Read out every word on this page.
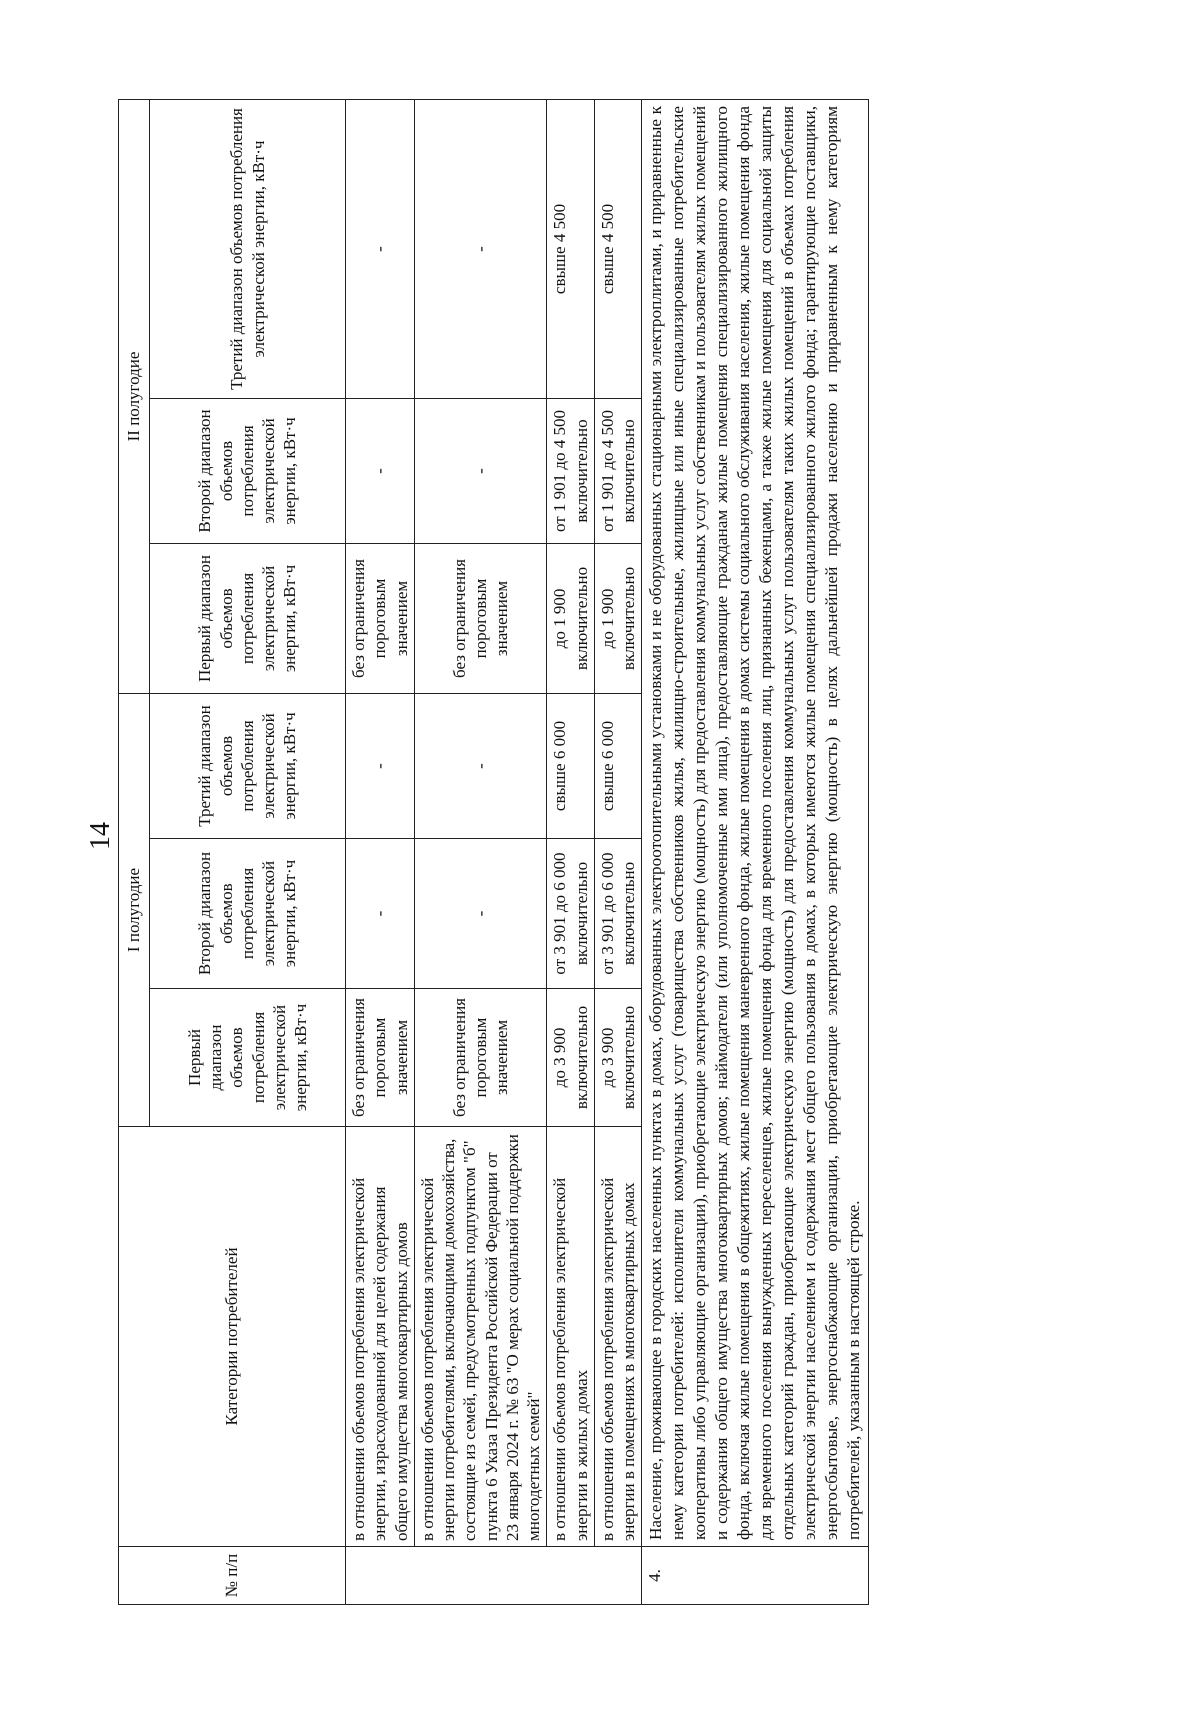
14
№ п/п	Категории потребителей	I полугодие			II полугодие		
		Первый диапазон объемов потребления электрической энергии, кВт·ч	Второй диапазон объемов потребления электрической энергии, кВт·ч	Третий диапазон объемов потребления электрической энергии, кВт·ч	Первый диапазон объемов потребления электрической энергии, кВт·ч	Второй диапазон объемов потребления электрической энергии, кВт·ч	Третий диапазон объемов потребления электрической энергии, кВт·ч
	в отношении объемов потребления электрической энергии, израсходованной для целей содержания общего имущества многоквартирных домов	без ограничения пороговым значением	-	-	без ограничения пороговым значением	-	-
	в отношении объемов потребления электрической энергии потребителями, включающими домохозяйства, состоящие из семей, предусмотренных подпунктом "б" пункта 6 Указа Президента Российской Федерации от 23 января 2024 г. № 63 "О мерах социальной поддержки многодетных семей"	без ограничения пороговым значением	-	-	без ограничения пороговым значением	-	-
	в отношении объемов потребления электрической энергии в жилых домах	до 3 900 включительно	от 3 901 до 6 000 включительно	свыше 6 000	до 1 900 включительно	от 1 901 до 4 500 включительно	свыше 4 500
	в отношении объемов потребления электрической энергии в помещениях в многоквартирных домах	до 3 900 включительно	от 3 901 до 6 000 включительно	свыше 6 000	до 1 900 включительно	от 1 901 до 4 500 включительно	свыше 4 500
4.	Население, проживающее в городских населенных пунктах в домах, оборудованных электроотопительными установками и не оборудованных стационарными электроплитами, и приравненные к нему категории потребителей: исполнители коммунальных услуг (товарищества собственников жилья, жилищно-строительные, жилищные или иные специализированные потребительские кооперативы либо управляющие организации), приобретающие электрическую энергию (мощность) для предоставления коммунальных услуг собственникам и пользователям жилых помещений и содержания общего имущества многоквартирных домов; наймодатели (или уполномоченные ими лица), предоставляющие гражданам жилые помещения специализированного жилищного фонда, включая жилые помещения в общежитиях, жилые помещения маневренного фонда, жилые помещения в домах системы социального обслуживания населения, жилые помещения фонда для временного поселения вынужденных переселенцев, жилые помещения фонда для временного поселения лиц, признанных беженцами, а также жилые помещения для социальной защиты отдельных категорий граждан, приобретающие электрическую энергию (мощность) для предоставления коммунальных услуг пользователям таких жилых помещений в объемах потребления электрической энергии населением и содержания мест общего пользования в домах, в которых имеются жилые помещения специализированного жилого фонда; гарантирующие поставщики, энергосбытовые, энергоснабжающие организации, приобретающие электрическую энергию (мощность) в целях дальнейшей продажи населению и приравненным к нему категориям потребителей, указанным в настоящей строке.						
